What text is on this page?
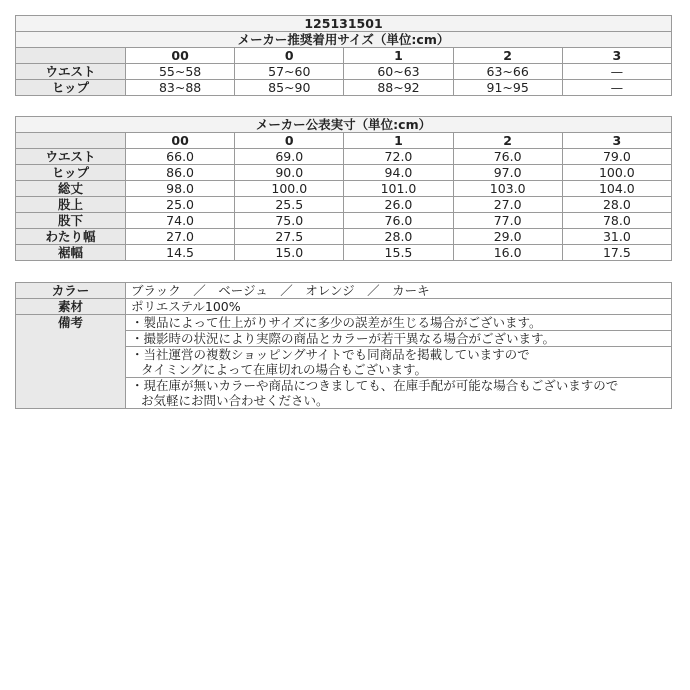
125131501					
メーカー推奨着用サイズ（単位:cm）					
	00	0	1	2	3
ウエスト	55~58	57~60	60~63	63~66	—
ヒップ	83~88	85~90	88~92	91~95	—
メーカー公表実寸（単位:cm）					
	00	0	1	2	3
ウエスト	66.0	69.0	72.0	76.0	79.0
ヒップ	86.0	90.0	94.0	97.0	100.0
総丈	98.0	100.0	101.0	103.0	104.0
股上	25.0	25.5	26.0	27.0	28.0
股下	74.0	75.0	76.0	77.0	78.0
わたり幅	27.0	27.5	28.0	29.0	31.0
裾幅	14.5	15.0	15.5	16.0	17.5
カラー	ブラック　／　ベージュ　／　オレンジ　／　カーキ
素材	ポリエステル100%
備考	・製品によって仕上がりサイズに多少の誤差が生じる場合がございます。

	・撮影時の状況により実際の商品とカラーが若干異なる場合がございます。

	・当社運営の複数ショッピングサイトでも同商品を掲載していますので
タイミングによって在庫切れの場合もございます。

	・現在庫が無いカラーや商品につきましても、在庫手配が可能な場合もございますので
お気軽にお問い合わせください。
